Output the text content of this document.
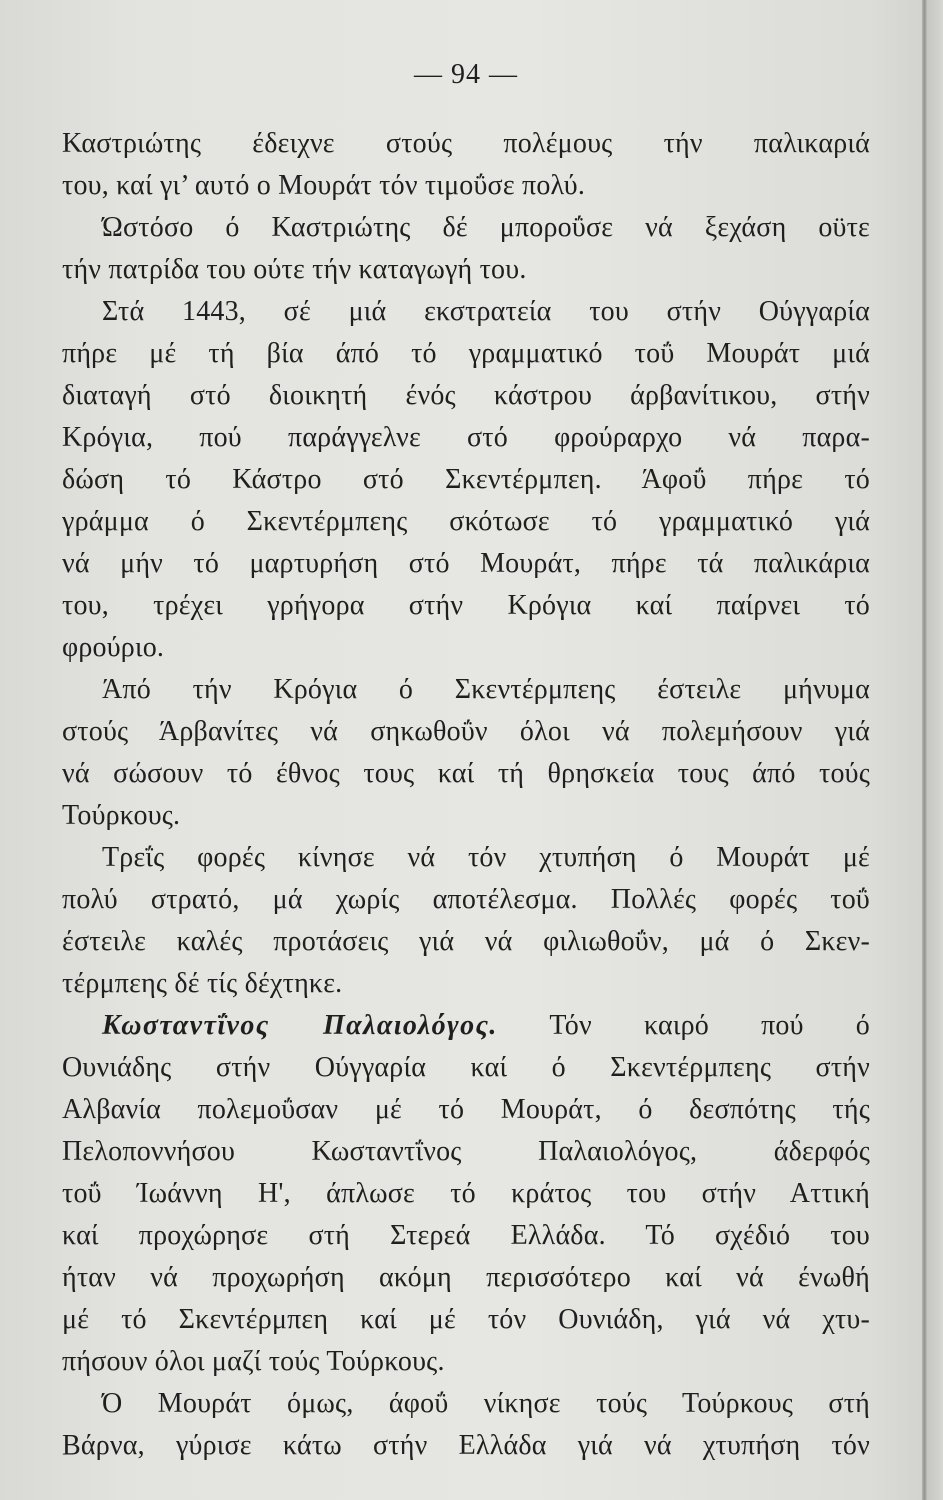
— 94 —
Καστριώτης έδειχνε στούς πολέμους τήν παλικαριά
του, καί γι’ αυτό ο Μουράτ τόν τιμοΰσε πολύ.
Ώστόσο ό Καστριώτης δέ μποροΰσε νά ξεχάση οϋτε
τήν πατρίδα του ούτε τήν καταγωγή του.
Στά 1443, σέ μιά εκστρατεία του στήν Ούγγαρία
πήρε μέ τή βία άπό τό γραμματικό τοΰ Μουράτ μιά
διαταγή στό διοικητή ένός κάστρου άρβανίτικου, στήν
Κρόγια, πού παράγγελνε στό φρούραρχο νά παρα-
δώση τό Κάστρο στό Σκεντέρμπεη. Άφοΰ πήρε τό
γράμμα ό Σκεντέρμπεης σκότωσε τό γραμματικό γιά
νά μήν τό μαρτυρήση στό Μουράτ, πήρε τά παλικάρια
του, τρέχει γρήγορα στήν Κρόγια καί παίρνει τό
φρούριο.
Άπό τήν Κρόγια ό Σκεντέρμπεης έστειλε μήνυμα
στούς Άρβανίτες νά σηκωθοΰν όλοι νά πολεμήσουν γιά
νά σώσουν τό έθνος τους καί τή θρησκεία τους άπό τούς
Τούρκους.
Τρεΐς φορές κίνησε νά τόν χτυπήση ό Μουράτ μέ
πολύ στρατό, μά χωρίς αποτέλεσμα. Πολλές φορές τοΰ
έστειλε καλές προτάσεις γιά νά φιλιωθοΰν, μά ό Σκεν-
τέρμπεης δέ τίς δέχτηκε.
Κωσταντΐνος Παλαιολόγος. Τόν καιρό πού ό
Ουνιάδης στήν Ούγγαρία καί ό Σκεντέρμπεης στήν
Αλβανία πολεμοΰσαν μέ τό Μουράτ, ό δεσπότης τής
Πελοποννήσου Κωσταντΐνος Παλαιολόγος, άδερφός
τοΰ Ίωάννη Η', άπλωσε τό κράτος του στήν Αττική
καί προχώρησε στή Στερεά Ελλάδα. Τό σχέδιό του
ήταν νά προχωρήση ακόμη περισσότερο καί νά ένωθή
μέ τό Σκεντέρμπεη καί μέ τόν Ουνιάδη, γιά νά χτυ-
πήσουν όλοι μαζί τούς Τούρκους.
Ό Μουράτ όμως, άφοΰ νίκησε τούς Τούρκους στή
Βάρνα, γύρισε κάτω στήν Ελλάδα γιά νά χτυπήση τόν
